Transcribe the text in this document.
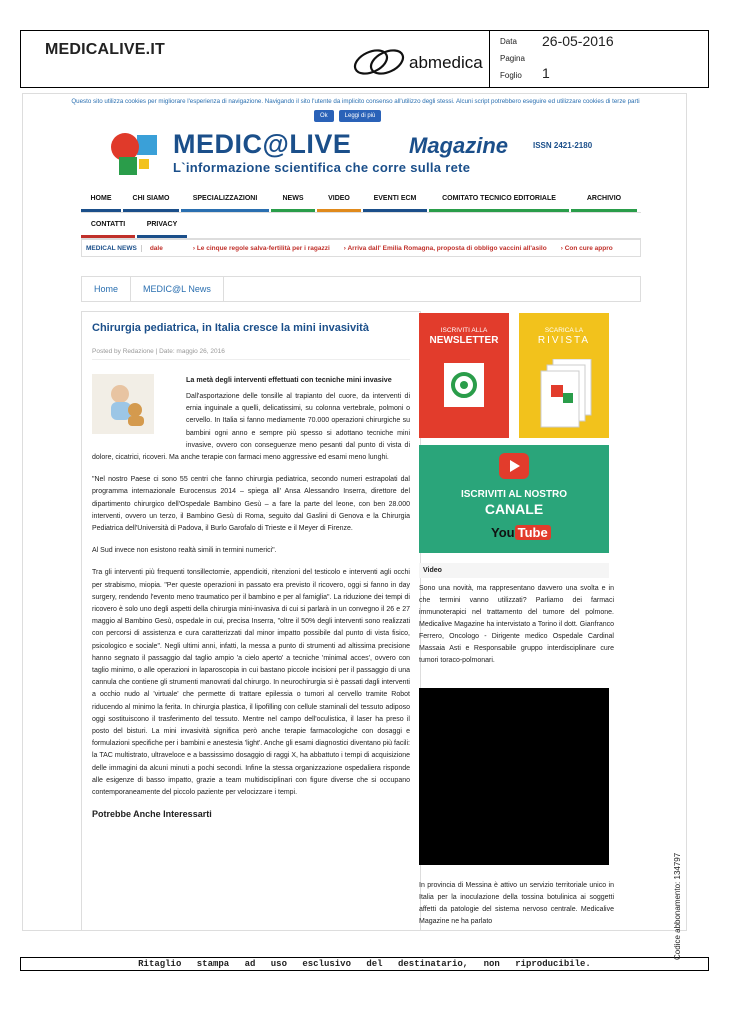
MEDICALIVE.IT
abmedica
Data 26-05-2016
Pagina
Foglio 1
Questo sito utilizza cookies per migliorare l'esperienza di navigazione. Navigando il sito l'utente da implicito consenso all'utilizzo degli stessi. Alcuni script potrebbero eseguire ed utilizzare cookies di terze parti
Ok	Leggi di più
MEDIC@LIVE	Magazine	ISSN 2421-2180
L`informazione scientifica che corre sulla rete
HOME	CHI SIAMO	SPECIALIZZAZIONI	NEWS	VIDEO	EVENTI ECM	COMITATO TECNICO EDITORIALE	ARCHIVIO
CONTATTI	PRIVACY
MEDICAL NEWS	dale	› Le cinque regole salva-fertilità per i ragazzi	› Arriva dall' Emilia Romagna, proposta di obbligo vaccini all'asilo	› Con cure appro
Home	MEDIC@L News
Chirurgia pediatrica, in Italia cresce la mini invasività
Posted by Redazione | Date: maggio 26, 2016
La metà degli interventi effettuati con tecniche mini invasive
Dall'asportazione delle tonsille al trapianto del cuore, da interventi di ernia inguinale a quelli, delicatissimi, su colonna vertebrale, polmoni o cervello. In Italia si fanno mediamente 70.000 operazioni chirurgiche su bambini ogni anno e sempre più spesso si adottano tecniche mini invasive, ovvero con conseguenze meno pesanti dal punto di vista di dolore, cicatrici, ricoveri. Ma anche terapie con farmaci meno aggressive ed esami meno lunghi.
"Nel nostro Paese ci sono 55 centri che fanno chirurgia pediatrica, secondo numeri estrapolati dal programma internazionale Eurocensus 2014 – spiega all' Ansa Alessandro Inserra, direttore del dipartimento chirurgico dell'Ospedale Bambino Gesù – a fare la parte del leone, con ben 28.000 interventi, ovvero un terzo, il Bambino Gesù di Roma, seguito dal Gaslini di Genova e la Chirurgia Pediatrica dell'Università di Padova, il Burlo Garofalo di Trieste e il Meyer di Firenze.
Al Sud invece non esistono realtà simili in termini numerici".
Tra gli interventi più frequenti tonsillectomie, appendiciti, ritenzioni del testicolo e interventi agli occhi per strabismo, miopia. "Per queste operazioni in passato era previsto il ricovero, oggi si fanno in day surgery, rendendo l'evento meno traumatico per il bambino e per al famiglia". La riduzione dei tempi di ricovero è solo uno degli aspetti della chirurgia mini-invasiva di cui si parlarà in un convegno il 26 e 27 maggio al Bambino Gesù, ospedale in cui, precisa Inserra, "oltre il 50% degli interventi sono realizzati con percorsi di assistenza e cura caratterizzati dal minor impatto possibile dal punto di vista fisico, psicologico e sociale". Negli ultimi anni, infatti, la messa a punto di strumenti ad altissima precisione hanno segnato il passaggio dal taglio ampio 'a cielo aperto' a tecniche 'minimal acces', ovvero con taglio minimo, o alle operazioni in laparoscopia in cui bastano piccole incisioni per il passaggio di una cannula che contiene gli strumenti manovrati dal chirurgo. In neurochirurgia si è passati dagli interventi a occhio nudo al 'virtuale' che permette di trattare epilessia o tumori al cervello tramite Robot riducendo al minimo la ferita. In chirurgia plastica, il lipofilling con cellule staminali del tessuto adiposo oggi sostituiscono il trasferimento del tessuto. Mentre nel campo dell'oculistica, il laser ha preso il posto del bisturi. La mini invasività significa però anche terapie farmacologiche con dosaggi e formulazioni specifiche per i bambini e anestesia 'light'. Anche gli esami diagnostici diventano più facili: la TAC multistrato, ultraveloce e a bassissimo dosaggio di raggi X, ha abbattuto i tempi di acquisizione delle immagini da alcuni minuti a pochi secondi. Infine la stessa organizzazione ospedaliera risponde alle esigenze di basso impatto, grazie a team multidisciplinari con figure diverse che si occupano contemporaneamente del piccolo paziente per velocizzare i tempi.
Potrebbe Anche Interessarti
ISCRIVITI ALLA
NEWSLETTER
SCARICA LA
RIVISTA
ISCRIVITI AL NOSTRO
CANALE
You Tube
Video
Sono una novità, ma rappresentano davvero una svolta e in che termini vanno utilizzati? Parliamo dei farmaci immunoterapici nel trattamento del tumore del polmone. Medicalive Magazine ha intervistato a Torino il dott. Gianfranco Ferrero, Oncologo - Dirigente medico Ospedale Cardinal Massaia Asti e Responsabile gruppo interdisciplinare cure tumori toraco-polmonari.
In provincia di Messina è attivo un servizio territoriale unico in Italia per la inoculazione della tossina botulinica ai soggetti affetti da patologie del sistema nervoso centrale. Medicalive Magazine ne ha parlato
Ritaglio stampa ad uso esclusivo del destinatario, non riproducibile.
Codice abbonamento: 134797
